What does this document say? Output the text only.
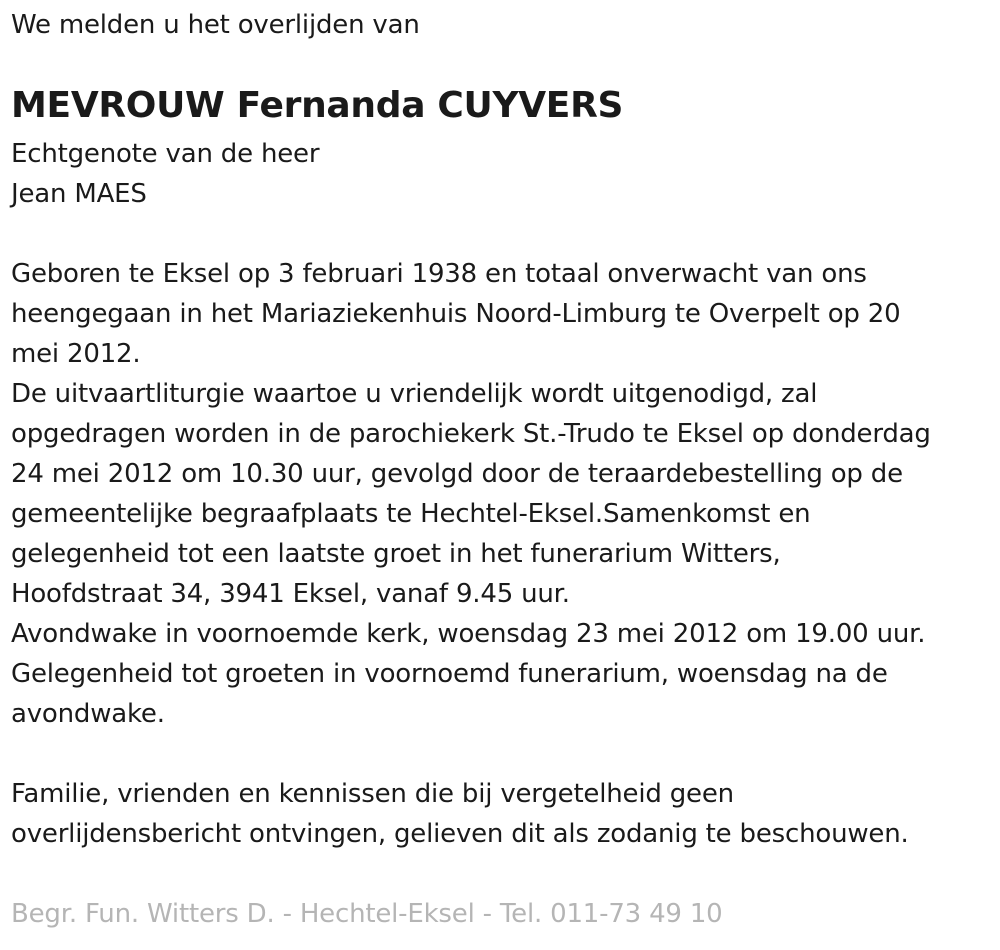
We melden u het overlijden van
MEVROUW Fernanda CUYVERS
Echtgenote van de heer
Jean MAES
Geboren te Eksel op 3 februari 1938 en totaal onverwacht van ons
heengegaan in het Mariaziekenhuis Noord-Limburg te Overpelt op 20
mei 2012.
De uitvaartliturgie waartoe u vriendelijk wordt uitgenodigd, zal
opgedragen worden in de parochiekerk St.-Trudo te Eksel op donderdag
24 mei 2012 om 10.30 uur, gevolgd door de teraardebestelling op de
gemeentelijke begraafplaats te Hechtel-Eksel.Samenkomst en
gelegenheid tot een laatste groet in het funerarium Witters,
Hoofdstraat 34, 3941 Eksel, vanaf 9.45 uur.
Avondwake in voornoemde kerk, woensdag 23 mei 2012 om 19.00 uur.
Gelegenheid tot groeten in voornoemd funerarium, woensdag na de
avondwake.
Familie, vrienden en kennissen die bij vergetelheid geen
overlijdensbericht ontvingen, gelieven dit als zodanig te beschouwen.
Begr. Fun. Witters D. - Hechtel-Eksel - Tel. 011-73 49 10
